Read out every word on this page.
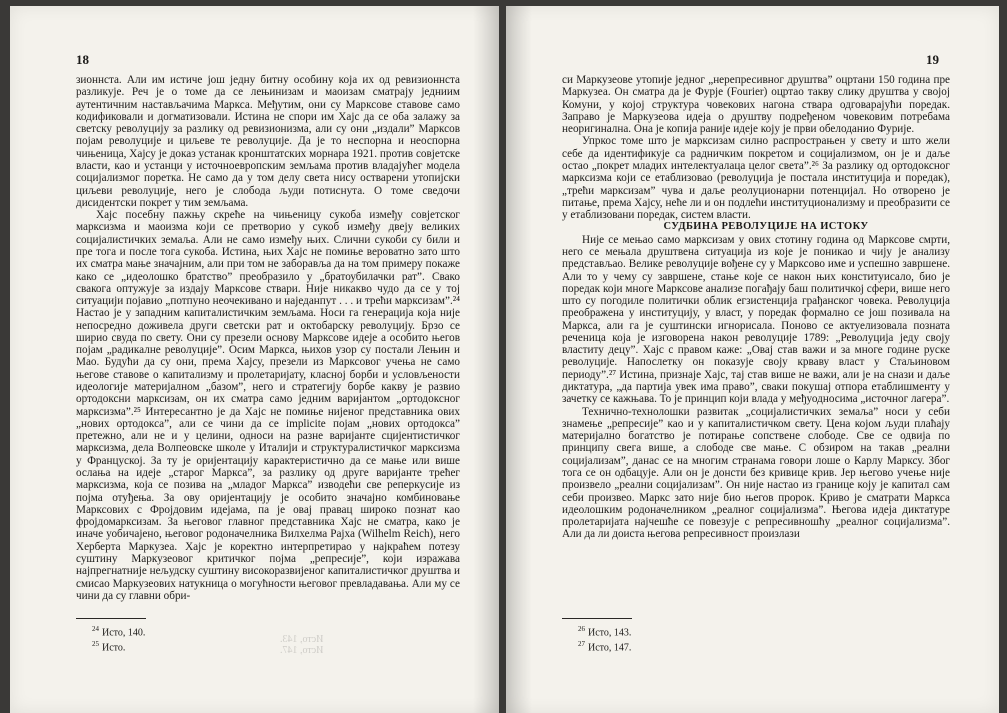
18

зионнста. Али им истиче још једну битну особину која их од ревизионнста разликује. Реч је о томе да се лењинизам и маоизам сматрају једниим аутентичним настављачима Маркса. Међутим, они су Марксове ставове само кодификовали и догматизовали. Истина не спори им Хајс да се оба залажу за светску револуцију за разлику од ревизионизма, али су они „издали” Марксов појам револуције и циљеве те револуције. Да је то неспорна и неоспорна чињеница, Хајсу је доказ устанак кронштатских морнара 1921. против совјетске власти, као и устанци у источноевропским земљама против владајућег модела социјализмог поретка. Не само да у том делу света нису остварени утопијски циљеви револуције, него је слобода људи потиснута. О томе сведочи дисидентски покрет у тим земљама.

Хајс посебну пажњу скреће на чињеницу сукоба између совјетског марксизма и маоизма који се претворио у сукоб између двеју великих социјалистичких земаља. Али не само између њих. Слични сукоби су били и пре тога и после тога сукоба. Истина, њих Хајс не помиње вероватно зато што их сматра мање значајним, али при том не заборавља да на том примеру покаже како се „идеолошко братство” преобразило у „братоубилачки рат”. Свако свакога оптужује за издају Марксове ствари. Није никакво чудо да се у тој ситуацији појавио „потпуно неочекивано и наједанпут . . . и трећи марксизам”.²⁴ Настао је у западним капиталистичким земљама. Носи га генерација која није непосредно доживела други светски рат и октобарску револуцију. Брзо се ширио свуда по свету. Они су презели основу Марксове идеје а особито његов појам „радикалне револуције”. Осим Маркса, њихов узор су постали Лењин и Мао. Будући да су они, према Хајсу, презели из Марксовог учења не само његове ставове о капитализму и пролетаријату, класној борби и условљености идеологије материјалном „базом”, него и стратегију борбе какву је развио ортодоксни марксизам, он их сматра само једним варијантом „ортодоксног марксизма”.²⁵ Интересантно је да Хајс не помиње нијеног представника ових „нових ортодокса”, али се чини да се implicite појам „нових ортодокса” претежно, али не и у целини, односи на разне варијанте сциjентистичког марксизма, дела Волпеовске школе у Италији и структуралистичког марксизма у Француској. За ту је оријентацију карактеристично да се мање или више ослања на идеје „старог Маркса”, за разлику од друге варијанте трећег марксизма, која се позива на „младог Маркса” изводећи све репеpкусије из појма отуђења. За ову оријентацију је особито значајно комбиновање Марксових с Фројдовим идејама, па је овај правац широко познат као фројдомарксизам. За његовог главног представника Хајс не сматра, како је иначе уобичајено, његовог родоначелника Вилхелма Рајха (Wilhelm Reich), него Херберта Маркузеа. Хајс је коректно интерпретирао у најкраћем потезу суштину Маркузеовог критичког појма „репресије”, који изражава најпрегнатније нељудску суштину високоразвијеног капиталистичког друштва и смисао Маркузеових натукница о могућности његовог превладавања. Али му се чини да су главни обри-

$^{24}$ Исто, 140.
$^{25}$ Исто.
Исто, 143.
Исто, 147.
19

си Маркузеове утопије једног „нерепресивног друштва” оцртани 150 година пре Маркузеа. Он сматра да је Фурје (Fourier) оцртао такву слику друштва у својој Комуни, у којој структура човекових нагона ствара одговарајући поредак. Заправо је Маркузеова идеја о друштву подређеном човековим потребама неоригинална. Она је копија раније идеје коју је први обелоданио Фурије.

Упркос томе што је марксизам силно распрострањен у свету и што жели себе да идентификује са радничким покретом и социјализмом, он је и даље остао „покрет младих интелектуалаца целог света”.²⁶ За разлику од ортодоксног марксизма који се етаблизовао (револуција је постала институција и поредак), „трећи марксизам” чува и даље реолуционарни потенцијал. Но отворено је питање, према Хајсу, неће ли и он подлећи институционализму и преобразити се у етаблизовани поредак, систем власти.

СУДБИНА РЕВОЛУЦИЈЕ НА ИСТОКУ

Није се мењао само марксизам у ових стотину година од Марксове смрти, него се мењала друштвена ситуација из које је поникао и чију је анализу представљао. Велике револуције вођене су у Марксово име и успешно завршене. Али то у чему су завршене, стање које се након њих конституисало, био је поредак који многе Марксове анализе погађају баш политичкој сфери, више него што су погодиле политички облик егзистенција грађанског човека. Револуција преображена у институцију, у власт, у поредак формално се још позивала на Маркса, али га је суштински игнорисала. Поново се актуелизовала позната реченица која је изговорена након револуције 1789: „Револуција једу своју властиту децу”. Хајс с правом каже: „Овај став важи и за многе године руске револуције. Напослетку он показује своју крваву власт у Стаљиновом периоду”.²⁷ Истина, признаје Хајс, тај став више не важи, али је на снази и даље диктатура, „да партија увек има право”, сваки покушај отпора етаблишменту у зачетку се кажњава. То је принцип који влада у међуодносима „источног лагера”.

Технично-технолошки развитак „социјалистичких земаља” носи у себи знамење „репресије” као и у капиталистичком свету. Цена којом људи плаћају материјално богатство је потирање сопствене слободе. Све се одвија по принципу свега више, а слободе све мање. С обзиром на такав „реални социјализам”, данас се на многим странама говори лоше о Карлу Марксу. Због тога се он одбацује. Али он је донсти без кривице крив. Јер његово учење није произвело „реални социјализам”. Он није настао из границе коју је капитал сам себи произвео. Маркс зато није био његов пророк. Криво је сматрати Маркса идеолошким родоначелником „реалног социјализма”. Његова идеја диктатуре пролетаријата најчешће се повезује с репресивношћу „реалног социјализма”. Али да ли доиста његова репресивност произлази

$^{26}$ Исто, 143.
$^{27}$ Исто, 147.
